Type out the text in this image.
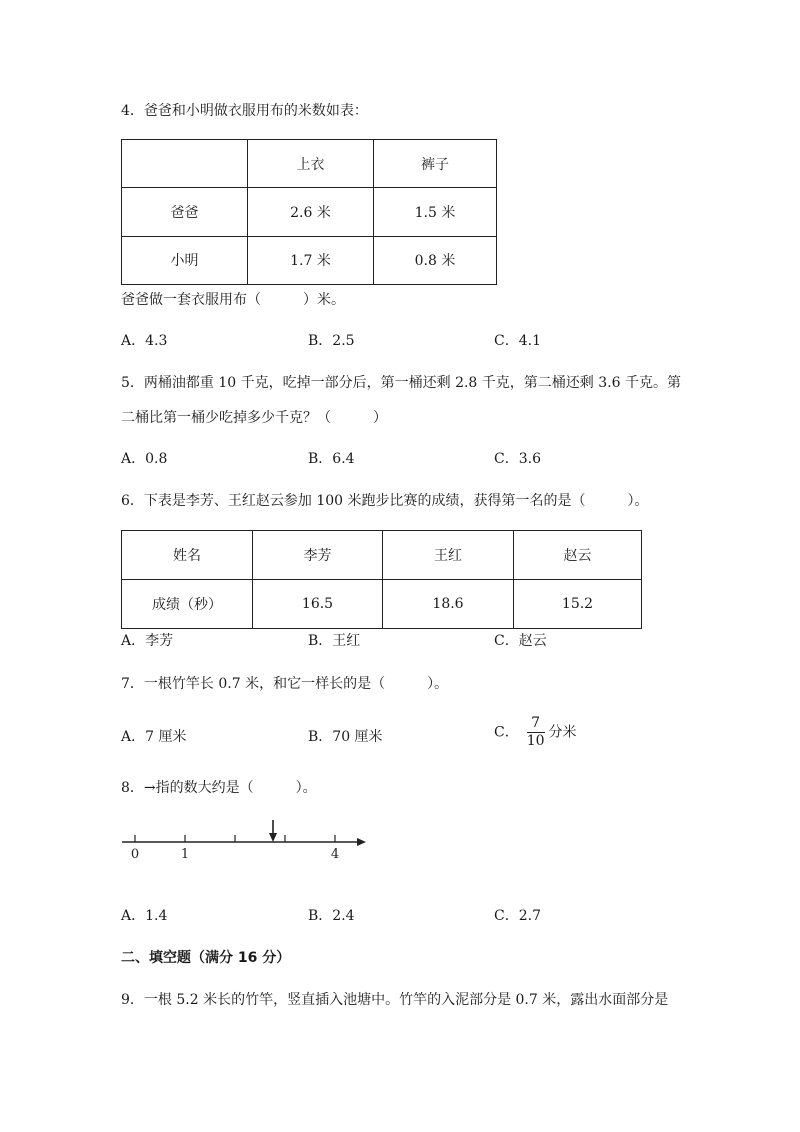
4．爸爸和小明做衣服用布的米数如表：
	上衣	裤子
爸爸	2.6 米	1.5 米
小明	1.7 米	0.8 米
爸爸做一套衣服用布（　　　）米。
A．4.3	B．2.5	C．4.1
5．两桶油都重 10 千克，吃掉一部分后，第一桶还剩 2.8 千克，第二桶还剩 3.6 千克。第
二桶比第一桶少吃掉多少千克？（　　　）
A．0.8	B．6.4	C．3.6
6．下表是李芳、王红赵云参加 100 米跑步比赛的成绩，获得第一名的是（　　　）。
姓名	李芳	王红	赵云
成绩（秒）	16.5	18.6	15.2
A．李芳	B．王红	C．赵云
7．一根竹竿长 0.7 米，和它一样长的是（　　　）。
A．7 厘米	B．70 厘米	C． $\frac{7}{10}$ 分米
8．→指的数大约是（　　　）。
0	1	4
A．1.4	B．2.4	C．2.7
二、填空题（满分 16 分）
9．一根 5.2 米长的竹竿，竖直插入池塘中。竹竿的入泥部分是 0.7 米，露出水面部分是
